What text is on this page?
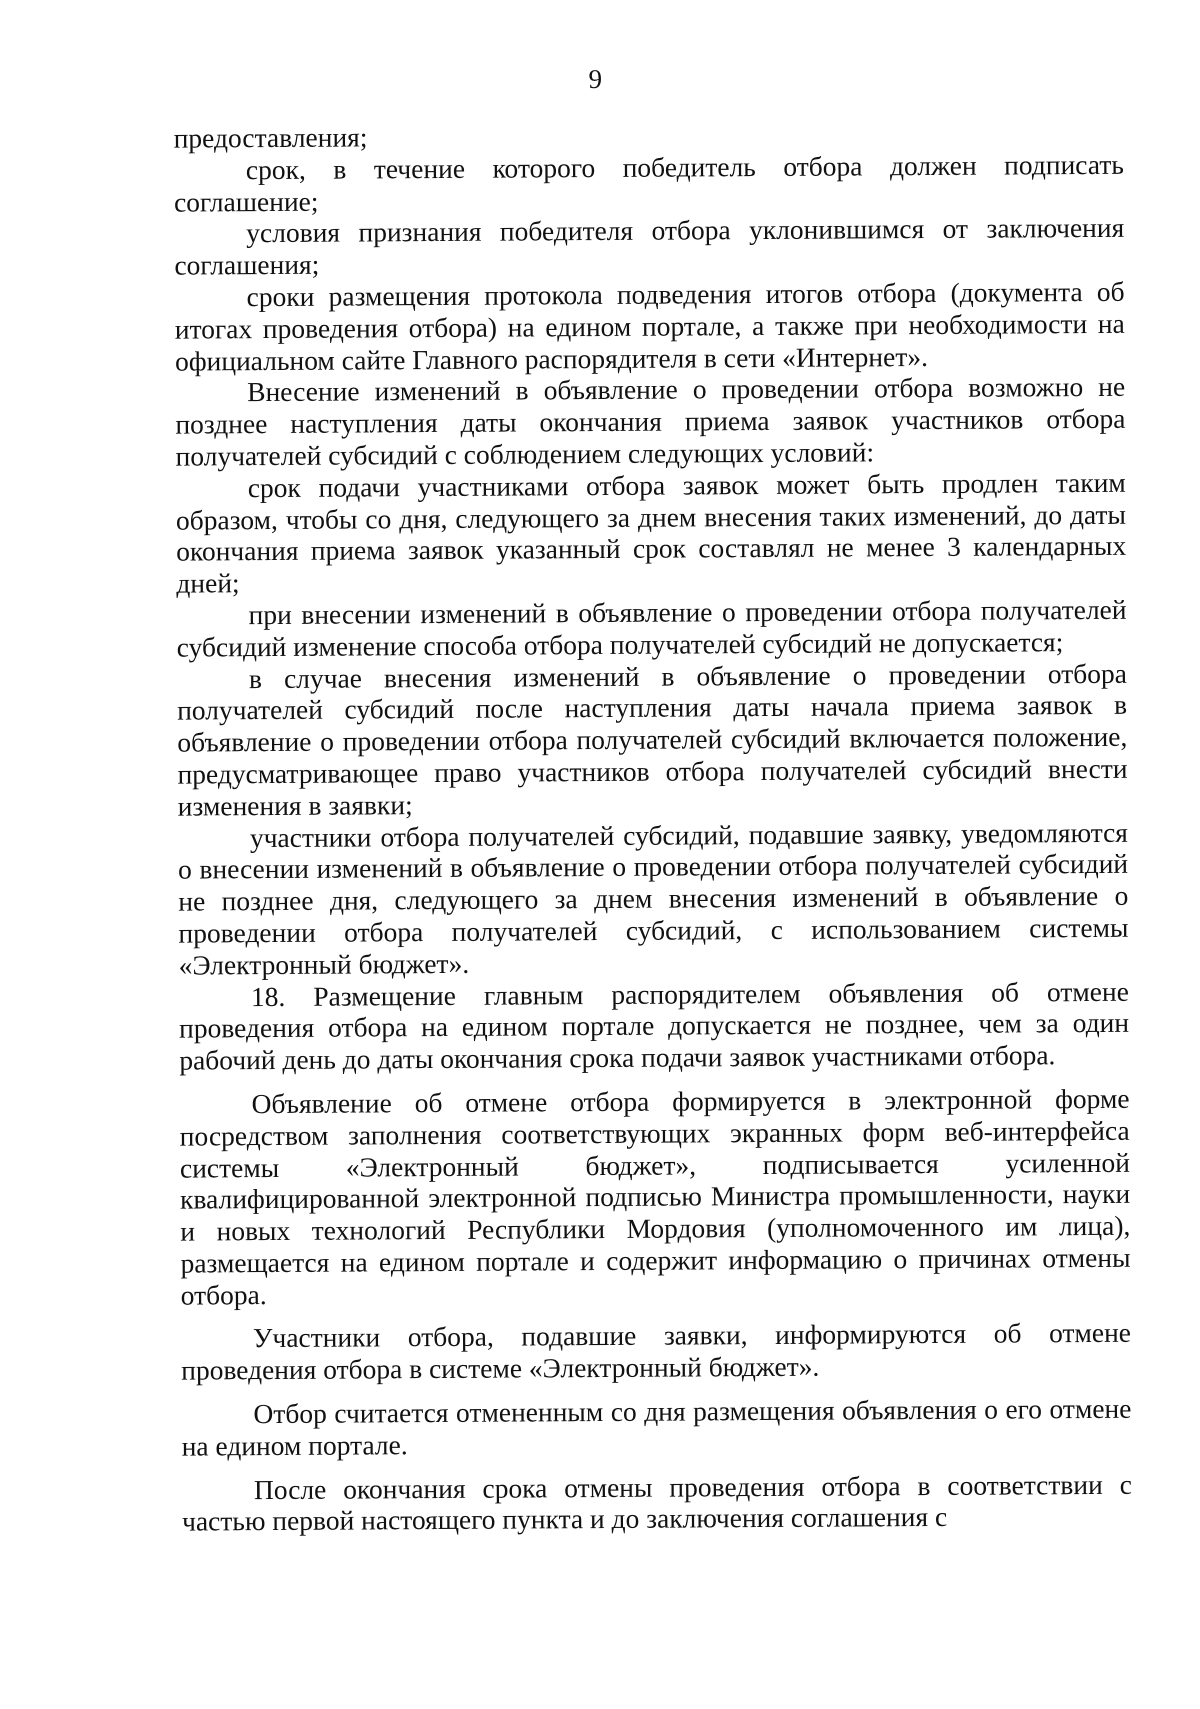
9

предоставления;

срок, в течение которого победитель отбора должен подписать соглашение;

условия признания победителя отбора уклонившимся от заключения соглашения;

сроки размещения протокола подведения итогов отбора (документа об итогах проведения отбора) на едином портале, а также при необходимости на официальном сайте Главного распорядителя в сети «Интернет».

Внесение изменений в объявление о проведении отбора возможно не позднее наступления даты окончания приема заявок участников отбора получателей субсидий с соблюдением следующих условий:

срок подачи участниками отбора заявок может быть продлен таким образом, чтобы со дня, следующего за днем внесения таких изменений, до даты окончания приема заявок указанный срок составлял не менее 3 календарных дней;

при внесении изменений в объявление о проведении отбора получателей субсидий изменение способа отбора получателей субсидий не допускается;

в случае внесения изменений в объявление о проведении отбора получателей субсидий после наступления даты начала приема заявок в объявление о проведении отбора получателей субсидий включается положение, предусматривающее право участников отбора получателей субсидий внести изменения в заявки;

участники отбора получателей субсидий, подавшие заявку, уведомляются о внесении изменений в объявление о проведении отбора получателей субсидий не позднее дня, следующего за днем внесения изменений в объявление о проведении отбора получателей субсидий, с использованием системы «Электронный бюджет».

18. Размещение главным распорядителем объявления об отмене проведения отбора на едином портале допускается не позднее, чем за один рабочий день до даты окончания срока подачи заявок участниками отбора.

Объявление об отмене отбора формируется в электронной форме посредством заполнения соответствующих экранных форм веб-интерфейса системы «Электронный бюджет», подписывается усиленной квалифицированной электронной подписью Министра промышленности, науки и новых технологий Республики Мордовия (уполномоченного им лица), размещается на едином портале и содержит информацию о причинах отмены отбора.

Участники отбора, подавшие заявки, информируются об отмене проведения отбора в системе «Электронный бюджет».

Отбор считается отмененным со дня размещения объявления о его отмене на едином портале.

После окончания срока отмены проведения отбора в соответствии с частью первой настоящего пункта и до заключения соглашения с
